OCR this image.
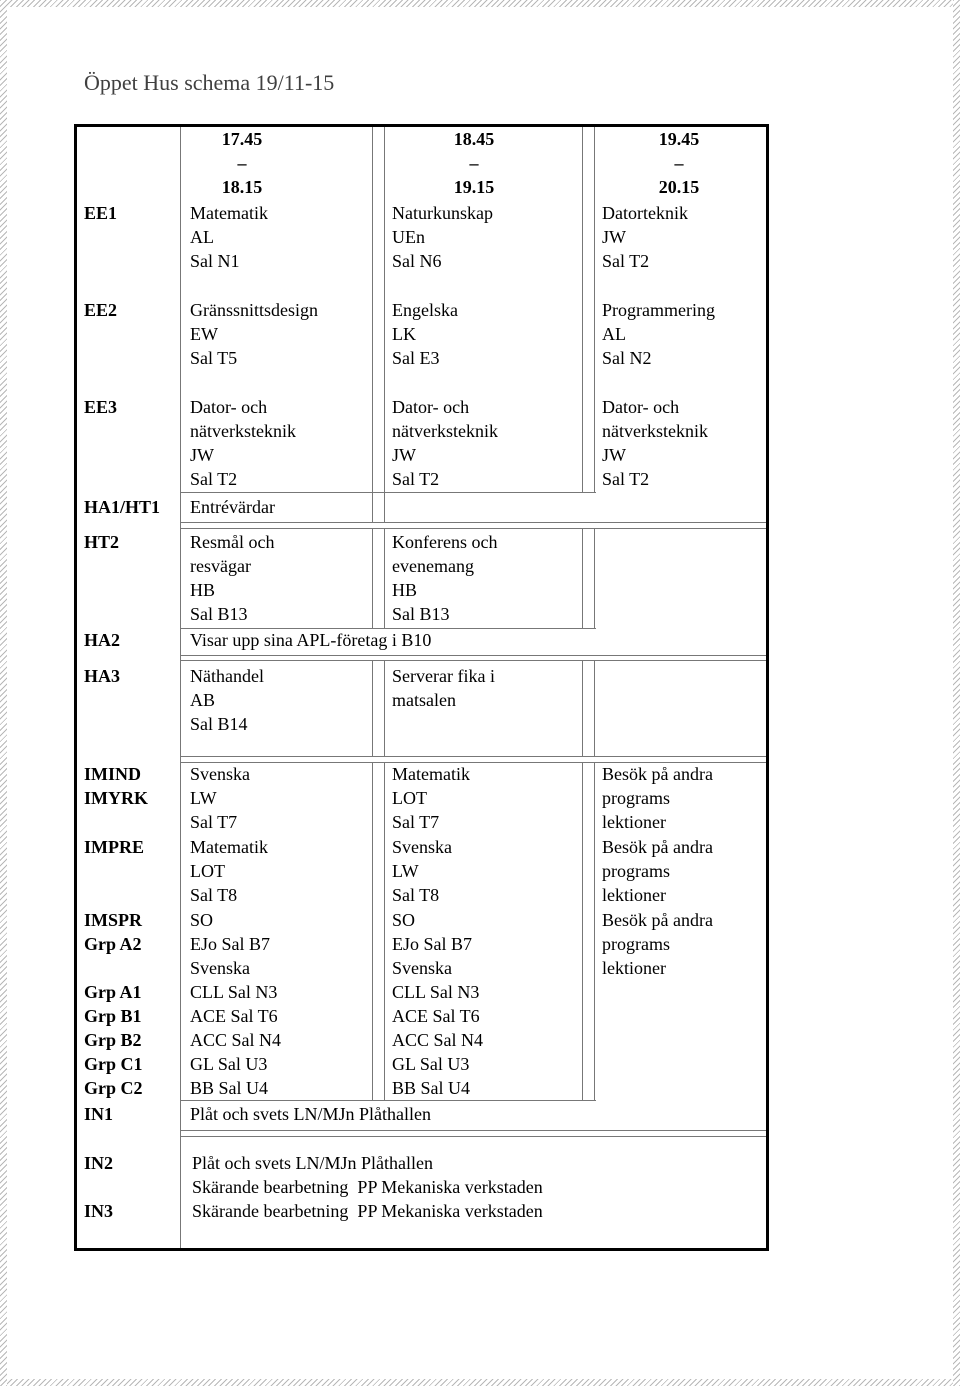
Öppet Hus schema 19/11-15
17.45
–
18.15
18.45
–
19.15
19.45
–
20.15
EE1
EE2
EE3
HA1/HT1
HT2
HA2
HA3
IMIND
IMYRK
IMPRE
IMSPR
Grp A2

Grp A1
Grp B1
Grp B2
Grp C1
Grp C2
IN1
IN2

IN3
Matematik
AL
Sal N1
Naturkunskap
UEn
Sal N6
Datorteknik
JW
Sal T2
Gränssnittsdesign
EW
Sal T5
Engelska
LK
Sal E3
Programmering
AL
Sal N2
Dator- och
nätverksteknik
JW
Sal T2
Dator- och
nätverksteknik
JW
Sal T2
Dator- och
nätverksteknik
JW
Sal T2
Entrévärdar
Resmål och
resvägar
HB
Sal B13
Konferens och
evenemang
HB
Sal B13
Visar upp sina APL-företag i B10
Näthandel
AB
Sal B14
Serverar fika i
matsalen
Svenska
LW
Sal T7
Matematik
LOT
Sal T7
Besök på andra
programs
lektioner
Matematik
LOT
Sal T8
Svenska
LW
Sal T8
Besök på andra
programs
lektioner
SO
EJo Sal B7
Svenska
CLL Sal N3
ACE Sal T6
ACC Sal N4
GL Sal U3
BB Sal U4
SO
EJo Sal B7
Svenska
CLL Sal N3
ACE Sal T6
ACC Sal N4
GL Sal U3
BB Sal U4
Besök på andra
programs
lektioner
Plåt och svets LN/MJn Plåthallen
Plåt och svets LN/MJn Plåthallen
Skärande bearbetning  PP Mekaniska verkstaden
Skärande bearbetning  PP Mekaniska verkstaden
